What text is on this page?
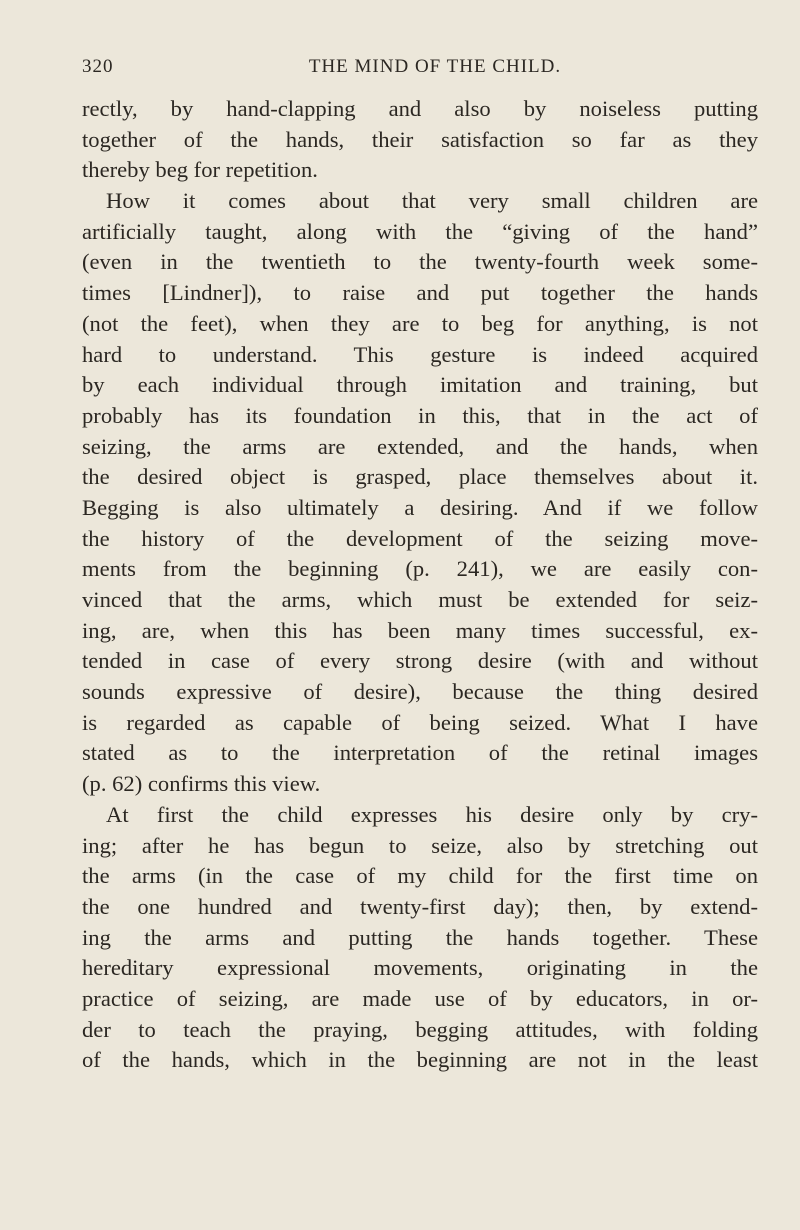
320	THE MIND OF THE CHILD.
rectly, by hand-clapping and also by noiseless putting
together of the hands, their satisfaction so far as they
thereby beg for repetition.
How it comes about that very small children are
artificially taught, along with the “giving of the hand”
(even in the twentieth to the twenty-fourth week some-
times [Lindner]), to raise and put together the hands
(not the feet), when they are to beg for anything, is not
hard to understand. This gesture is indeed acquired
by each individual through imitation and training, but
probably has its foundation in this, that in the act of
seizing, the arms are extended, and the hands, when
the desired object is grasped, place themselves about it.
Begging is also ultimately a desiring. And if we follow
the history of the development of the seizing move-
ments from the beginning (p. 241), we are easily con-
vinced that the arms, which must be extended for seiz-
ing, are, when this has been many times successful, ex-
tended in case of every strong desire (with and without
sounds expressive of desire), because the thing desired
is regarded as capable of being seized. What I have
stated as to the interpretation of the retinal images
(p. 62) confirms this view.
At first the child expresses his desire only by cry-
ing; after he has begun to seize, also by stretching out
the arms (in the case of my child for the first time on
the one hundred and twenty-first day); then, by extend-
ing the arms and putting the hands together. These
hereditary expressional movements, originating in the
practice of seizing, are made use of by educators, in or-
der to teach the praying, begging attitudes, with folding
of the hands, which in the beginning are not in the least
